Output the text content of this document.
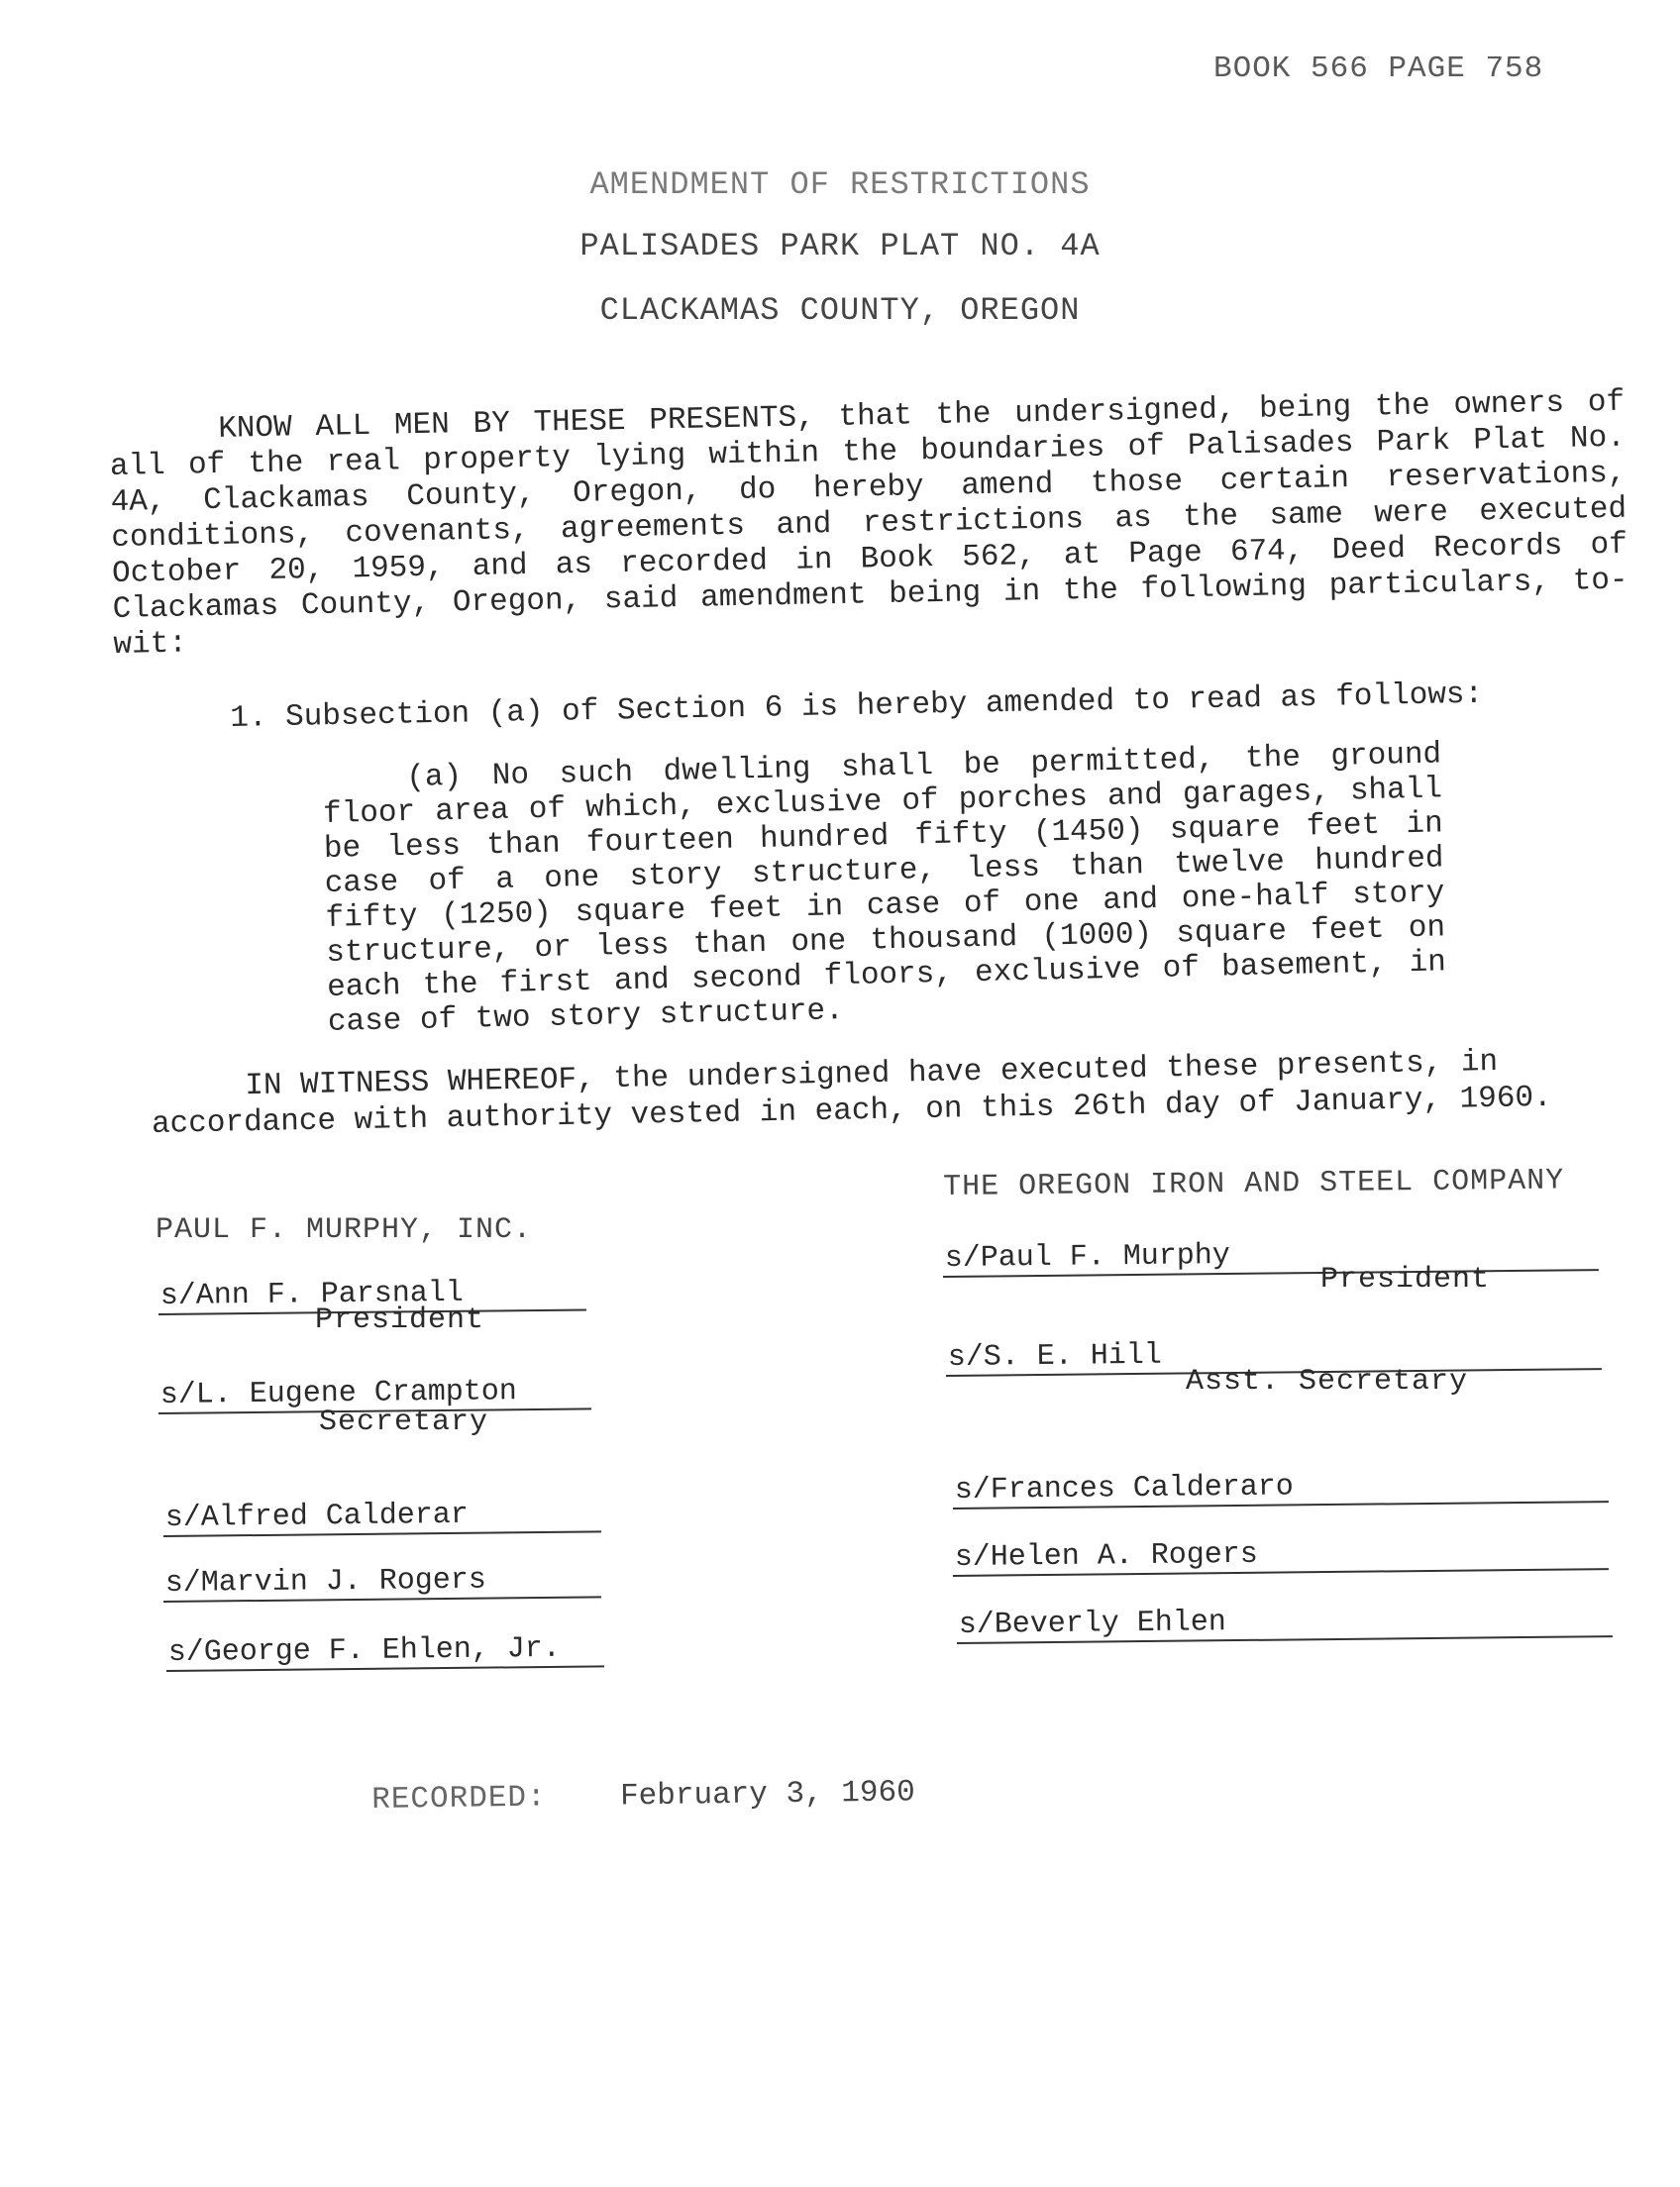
BOOK 566 PAGE 758
AMENDMENT OF RESTRICTIONS
PALISADES PARK PLAT NO. 4A
CLACKAMAS COUNTY, OREGON

KNOW ALL MEN BY THESE PRESENTS, that the undersigned, being the owners of all of the real property lying within the boundaries of Palisades Park Plat No. 4A, Clackamas County, Oregon, do hereby amend those certain reservations, conditions, covenants, agreements and restrictions as the same were executed October 20, 1959, and as recorded in Book 562, at Page 674, Deed Records of Clackamas County, Oregon, said amendment being in the following particulars, to-wit:

1. Subsection (a) of Section 6 is hereby amended to read as follows:

(a) No such dwelling shall be permitted, the ground floor area of which, exclusive of porches and garages, shall be less than fourteen hundred fifty (1450) square feet in case of a one story structure, less than twelve hundred fifty (1250) square feet in case of one and one-half story structure, or less than one thousand (1000) square feet on each the first and second floors, exclusive of basement, in case of two story structure.

IN WITNESS WHEREOF, the undersigned have executed these presents, in accordance with authority vested in each, on this 26th day of January, 1960.

PAUL F. MURPHY, INC.
s/Ann F. Parsnall
President
s/L. Eugene Crampton
Secretary
s/Alfred Calderar
s/Marvin J. Rogers
s/George F. Ehlen, Jr.
THE OREGON IRON AND STEEL COMPANY
s/Paul F. Murphy
President
s/S. E. Hill
Asst. Secretary
s/Frances Calderaro
s/Helen A. Rogers
s/Beverly Ehlen
RECORDED: February 3, 1960
